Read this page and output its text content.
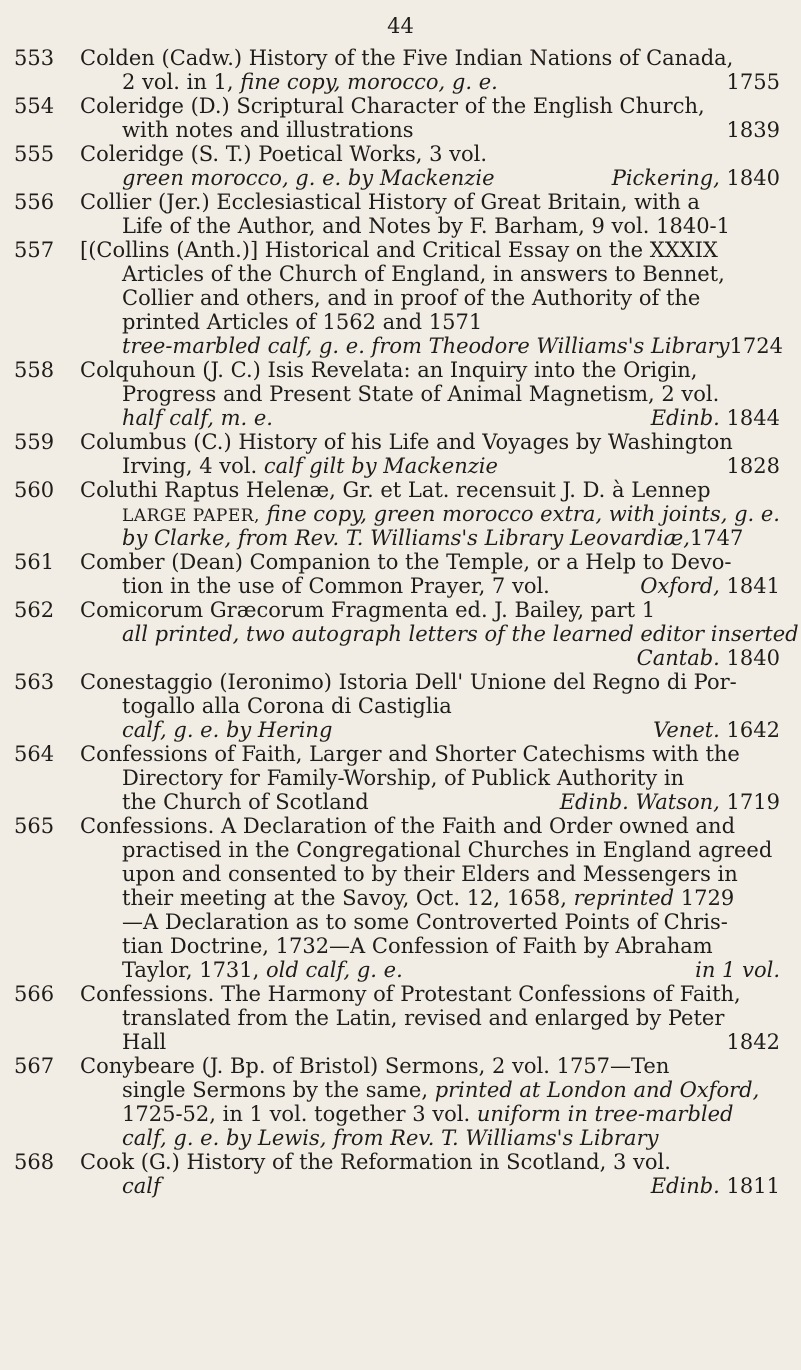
44
553	Colden (Cadw.) History of the Five Indian Nations of Canada,
2 vol. in 1, fine copy, morocco, g. e.	1755
554	Coleridge (D.) Scriptural Character of the English Church,
with notes and illustrations	1839
555	Coleridge (S. T.) Poetical Works, 3 vol.
green morocco, g. e. by Mackenzie	Pickering, 1840
556	Collier (Jer.) Ecclesiastical History of Great Britain, with a
Life of the Author, and Notes by F. Barham, 9 vol. 1840-1
557	[(Collins (Anth.)] Historical and Critical Essay on the XXXIX
Articles of the Church of England, in answers to Bennet,
Collier and others, and in proof of the Authority of the
printed Articles of 1562 and 1571
tree-marbled calf, g. e. from Theodore Williams's Library 1724
558	Colquhoun (J. C.) Isis Revelata: an Inquiry into the Origin,
Progress and Present State of Animal Magnetism, 2 vol.
half calf, m. e.	Edinb. 1844
559	Columbus (C.) History of his Life and Voyages by Washington
Irving, 4 vol. calf gilt by Mackenzie	1828
560	Coluthi Raptus Helenæ, Gr. et Lat. recensuit J. D. à Lennep
LARGE PAPER, fine copy, green morocco extra, with joints, g. e.
by Clarke, from Rev. T. Williams's Library Leovardiæ,1747
561	Comber (Dean) Companion to the Temple, or a Help to Devo-
tion in the use of Common Prayer, 7 vol.	Oxford, 1841
562	Comicorum Græcorum Fragmenta ed. J. Bailey, part 1
all printed, two autograph letters of the learned editor inserted
Cantab. 1840
563	Conestaggio (Ieronimo) Istoria Dell' Unione del Regno di Por-
togallo alla Corona di Castiglia
calf, g. e. by Hering	Venet. 1642
564	Confessions of Faith, Larger and Shorter Catechisms with the
Directory for Family-Worship, of Publick Authority in
the Church of Scotland	Edinb. Watson, 1719
565	Confessions. A Declaration of the Faith and Order owned and
practised in the Congregational Churches in England agreed
upon and consented to by their Elders and Messengers in
their meeting at the Savoy, Oct. 12, 1658, reprinted 1729
—A Declaration as to some Controverted Points of Chris-
tian Doctrine, 1732—A Confession of Faith by Abraham
Taylor, 1731, old calf, g. e.	in 1 vol.
566	Confessions. The Harmony of Protestant Confessions of Faith,
translated from the Latin, revised and enlarged by Peter
Hall	1842
567	Conybeare (J. Bp. of Bristol) Sermons, 2 vol. 1757—Ten
single Sermons by the same, printed at London and Oxford,
1725-52, in 1 vol. together 3 vol. uniform in tree-marbled
calf, g. e. by Lewis, from Rev. T. Williams's Library
568	Cook (G.) History of the Reformation in Scotland, 3 vol.
calf	Edinb. 1811
